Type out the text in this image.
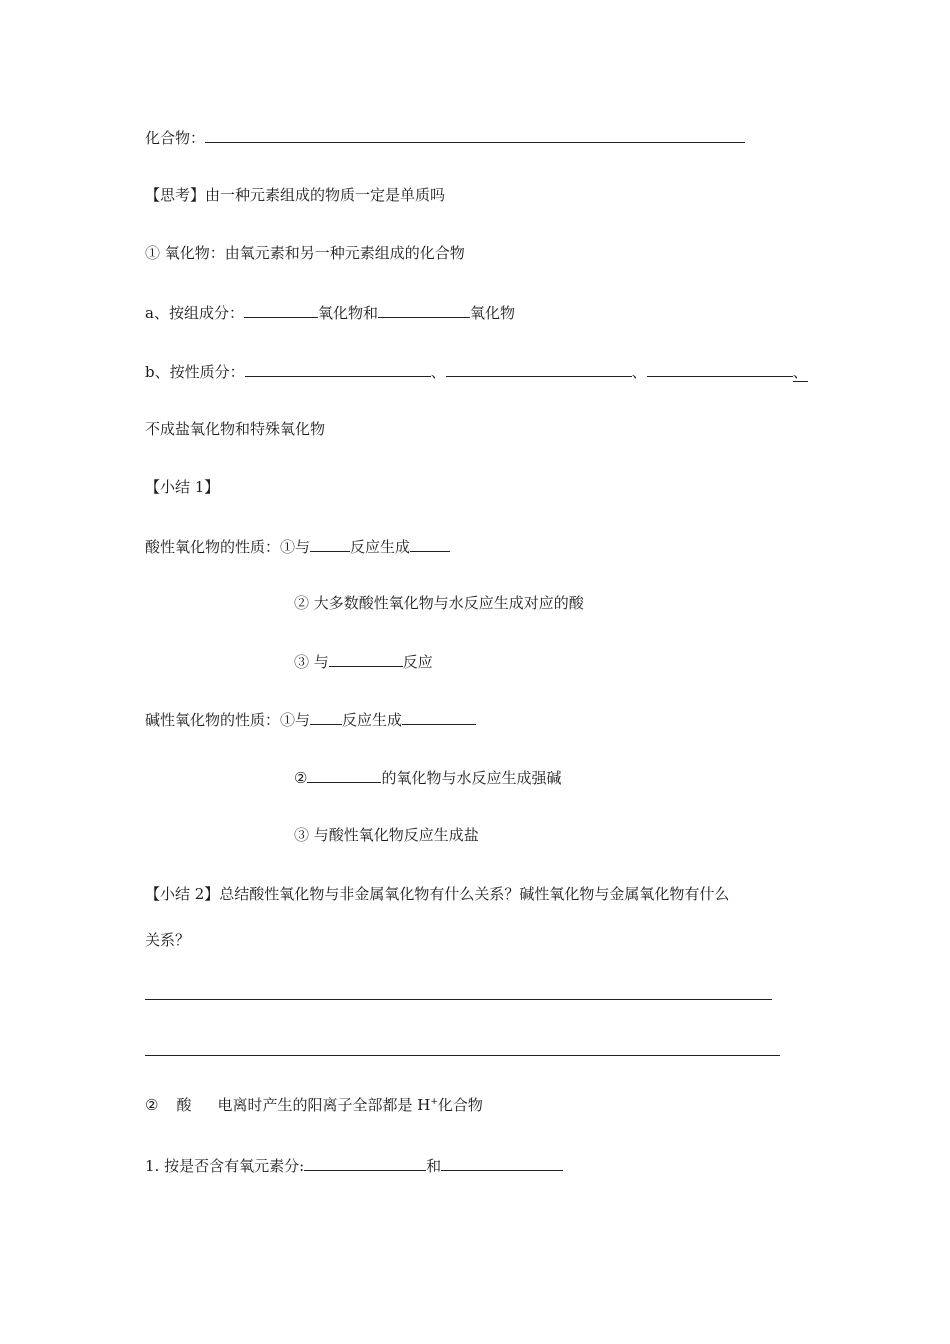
化合物：
【思考】由一种元素组成的物质一定是单质吗
① 氧化物：由氧元素和另一种元素组成的化合物
a、按组成分：	氧化物和	氧化物
b、按性质分：	、	、	、
不成盐氧化物和特殊氧化物
【小结 1】
酸性氧化物的性质：①与	反应生成
② 大多数酸性氧化物与水反应生成对应的酸
③ 与	反应
碱性氧化物的性质：①与 反应生成
②	的氧化物与水反应生成强碱
③ 与酸性氧化物反应生成盐
【小结 2】总结酸性氧化物与非金属氧化物有什么关系？碱性氧化物与金属氧化物有什么
关系？
② 酸 电离时产生的阳离子全部都是 H+化合物
1. 按是否含有氧元素分:	和
